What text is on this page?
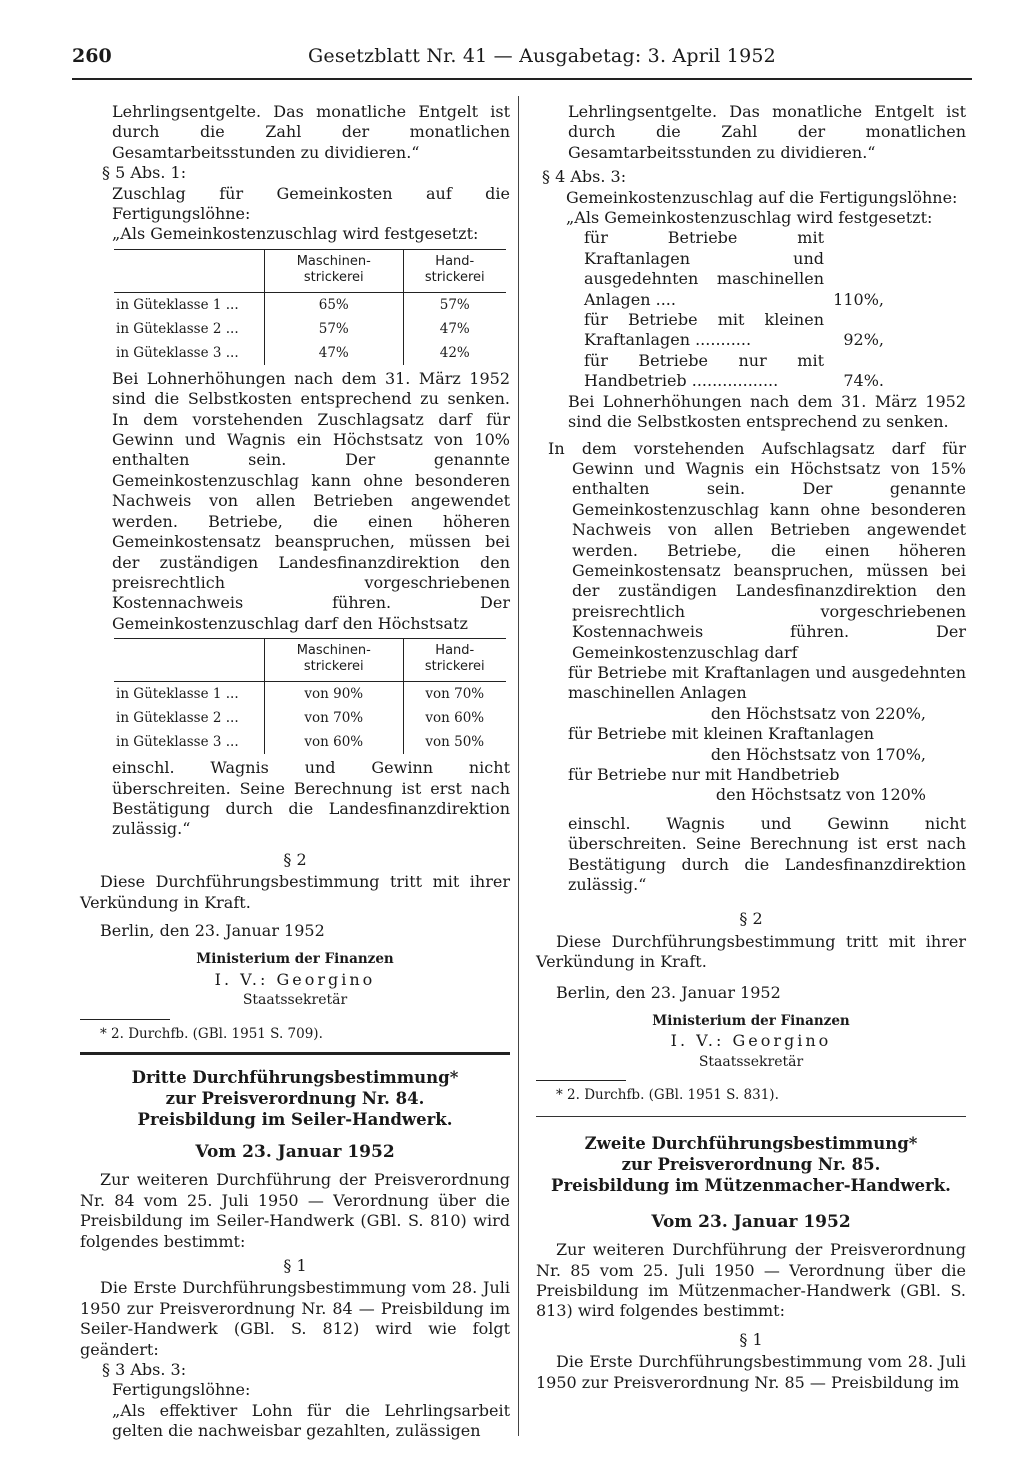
260	Gesetzblatt Nr. 41 — Ausgabetag: 3. April 1952

Lehrlingsentgelte. Das monatliche Entgelt ist durch die Zahl der monatlichen Gesamtarbeitsstunden zu dividieren.“

§ 5 Abs. 1:

Zuschlag für Gemeinkosten auf die Fertigungslöhne:

„Als Gemeinkostenzuschlag wird festgesetzt:

	Maschinen-strickerei	Hand-strickerei
in Güteklasse 1 ...	65%	57%
in Güteklasse 2 ...	57%	47%
in Güteklasse 3 ...	47%	42%

Bei Lohnerhöhungen nach dem 31. März 1952 sind die Selbstkosten entsprechend zu senken. In dem vorstehenden Zuschlagsatz darf für Gewinn und Wagnis ein Höchstsatz von 10% enthalten sein. Der genannte Gemeinkostenzuschlag kann ohne besonderen Nachweis von allen Betrieben angewendet werden. Betriebe, die einen höheren Gemeinkostensatz beanspruchen, müssen bei der zuständigen Landesfinanzdirektion den preisrechtlich vorgeschriebenen Kostennachweis führen. Der Gemeinkostenzuschlag darf den Höchstsatz

	Maschinen-strickerei	Hand-strickerei
in Güteklasse 1 ...	von 90%	von 70%
in Güteklasse 2 ...	von 70%	von 60%
in Güteklasse 3 ...	von 60%	von 50%

einschl. Wagnis und Gewinn nicht überschreiten. Seine Berechnung ist erst nach Bestätigung durch die Landesfinanzdirektion zulässig.“

§ 2

Diese Durchführungsbestimmung tritt mit ihrer Verkündung in Kraft.

Berlin, den 23. Januar 1952

Ministerium der Finanzen

I. V.: Georgino

Staatssekretär

* 2. Durchfb. (GBl. 1951 S. 709).

Dritte Durchführungsbestimmung*

zur Preisverordnung Nr. 84.

Preisbildung im Seiler-Handwerk.

Vom 23. Januar 1952

Zur weiteren Durchführung der Preisverordnung Nr. 84 vom 25. Juli 1950 — Verordnung über die Preisbildung im Seiler-Handwerk (GBl. S. 810) wird folgendes bestimmt:

§ 1

Die Erste Durchführungsbestimmung vom 28. Juli 1950 zur Preisverordnung Nr. 84 — Preisbildung im Seiler-Handwerk (GBl. S. 812) wird wie folgt geändert:

§ 3 Abs. 3:

Fertigungslöhne:

„Als effektiver Lohn für die Lehrlingsarbeit gelten die nachweisbar gezahlten, zulässigen

Lehrlingsentgelte. Das monatliche Entgelt ist durch die Zahl der monatlichen Gesamtarbeitsstunden zu dividieren.“

§ 4 Abs. 3:

Gemeinkostenzuschlag auf die Fertigungslöhne:

„Als Gemeinkostenzuschlag wird festgesetzt:

für Betriebe mit Kraftanlagen und ausgedehnten maschinellen Anlagen ....	110%,

für Betriebe mit kleinen Kraftanlagen ...........	92%,

für Betriebe nur mit Handbetrieb .................	74%.

Bei Lohnerhöhungen nach dem 31. März 1952 sind die Selbstkosten entsprechend zu senken.

In dem vorstehenden Aufschlagsatz darf für Gewinn und Wagnis ein Höchstsatz von 15% enthalten sein. Der genannte Gemeinkostenzuschlag kann ohne besonderen Nachweis von allen Betrieben angewendet werden. Betriebe, die einen höheren Gemeinkostensatz beanspruchen, müssen bei der zuständigen Landesfinanzdirektion den preisrechtlich vorgeschriebenen Kostennachweis führen. Der Gemeinkostenzuschlag darf

für Betriebe mit Kraftanlagen und ausgedehnten maschinellen Anlagen

den Höchstsatz von 220%,

für Betriebe mit kleinen Kraftanlagen

den Höchstsatz von 170%,

für Betriebe nur mit Handbetrieb

den Höchstsatz von 120%

einschl. Wagnis und Gewinn nicht überschreiten. Seine Berechnung ist erst nach Bestätigung durch die Landesfinanzdirektion zulässig.“

§ 2

Diese Durchführungsbestimmung tritt mit ihrer Verkündung in Kraft.

Berlin, den 23. Januar 1952

Ministerium der Finanzen

I. V.: Georgino

Staatssekretär

* 2. Durchfb. (GBl. 1951 S. 831).

Zweite Durchführungsbestimmung*

zur Preisverordnung Nr. 85.

Preisbildung im Mützenmacher-Handwerk.

Vom 23. Januar 1952

Zur weiteren Durchführung der Preisverordnung Nr. 85 vom 25. Juli 1950 — Verordnung über die Preisbildung im Mützenmacher-Handwerk (GBl. S. 813) wird folgendes bestimmt:

§ 1

Die Erste Durchführungsbestimmung vom 28. Juli 1950 zur Preisverordnung Nr. 85 — Preisbildung im
